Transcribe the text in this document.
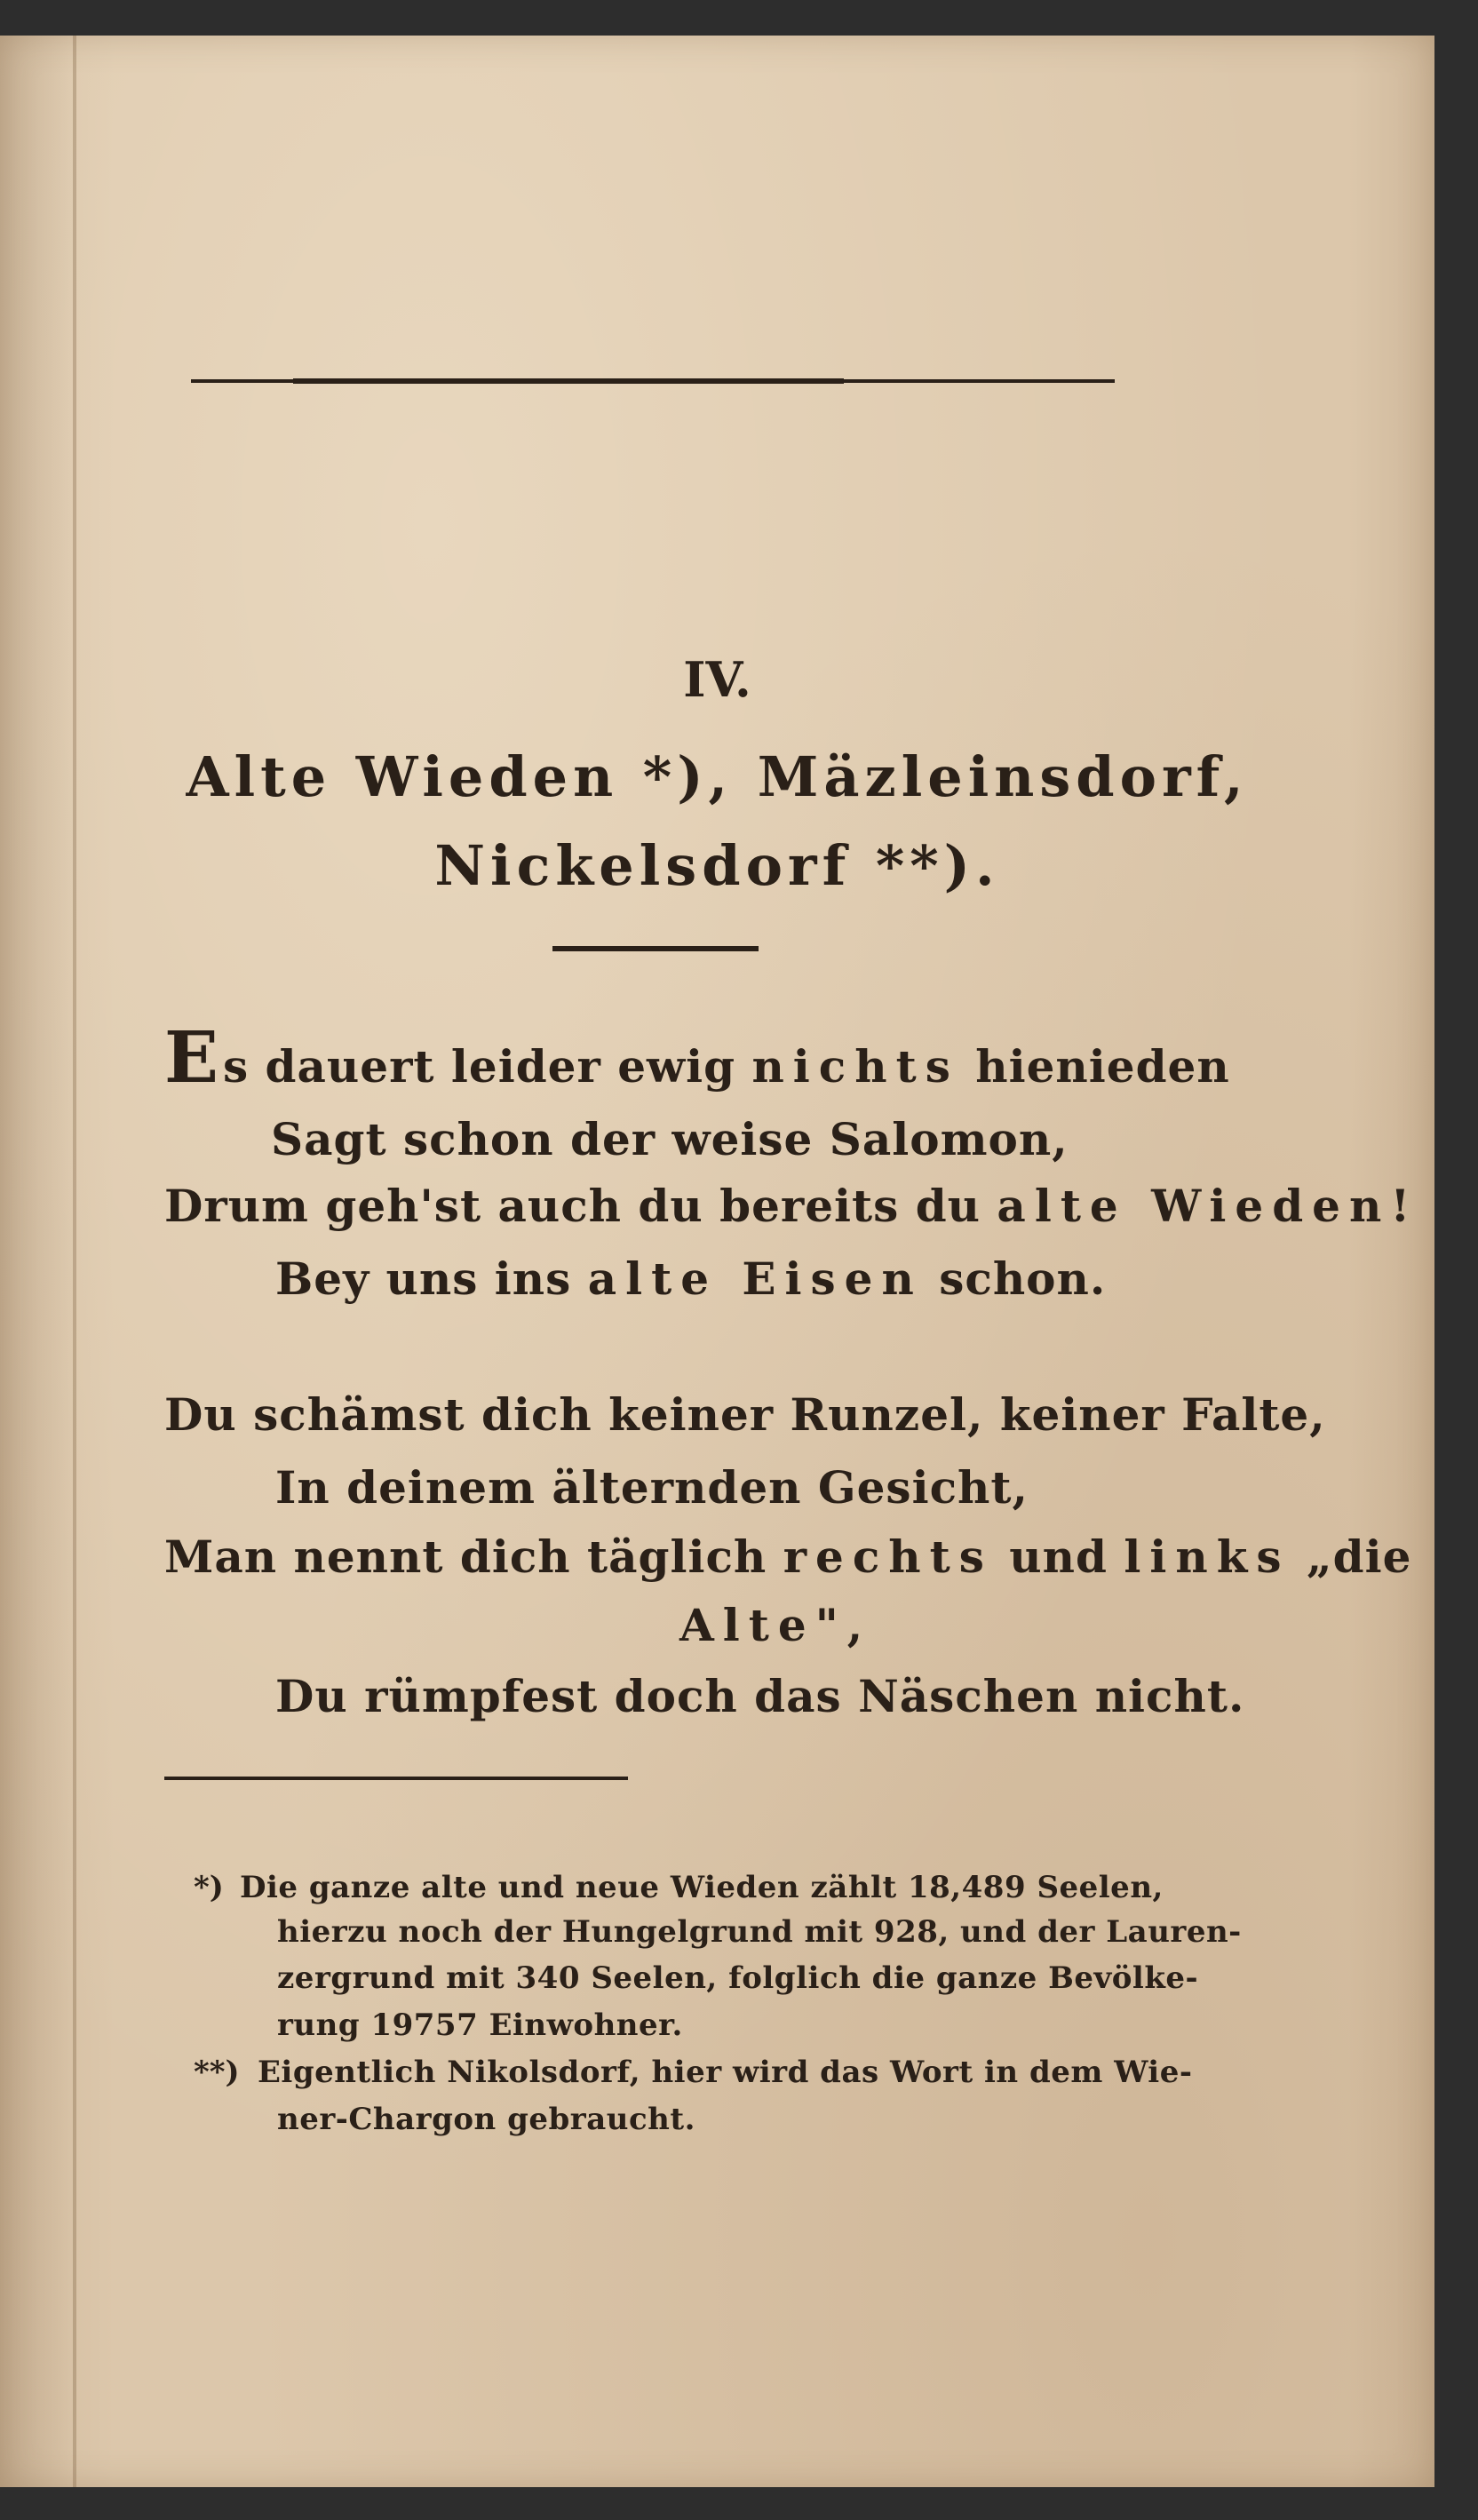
IV.
Alte Wieden *), Mäzleinsdorf,
Nickelsdorf **).
Es dauert leider ewig nichts hienieden
Sagt schon der weise Salomon,
Drum geh'st auch du bereits du alte Wieden!
Bey uns ins alte Eisen schon.
Du schämst dich keiner Runzel, keiner Falte,
In deinem älternden Gesicht,
Man nennt dich täglich rechts und links „die
Alte",
Du rümpfest doch das Näschen nicht.
*) Die ganze alte und neue Wieden zählt 18,489 Seelen,
hierzu noch der Hungelgrund mit 928, und der Lauren-
zergrund mit 340 Seelen, folglich die ganze Bevölke-
rung 19757 Einwohner.
**) Eigentlich Nikolsdorf, hier wird das Wort in dem Wie-
ner-Chargon gebraucht.
